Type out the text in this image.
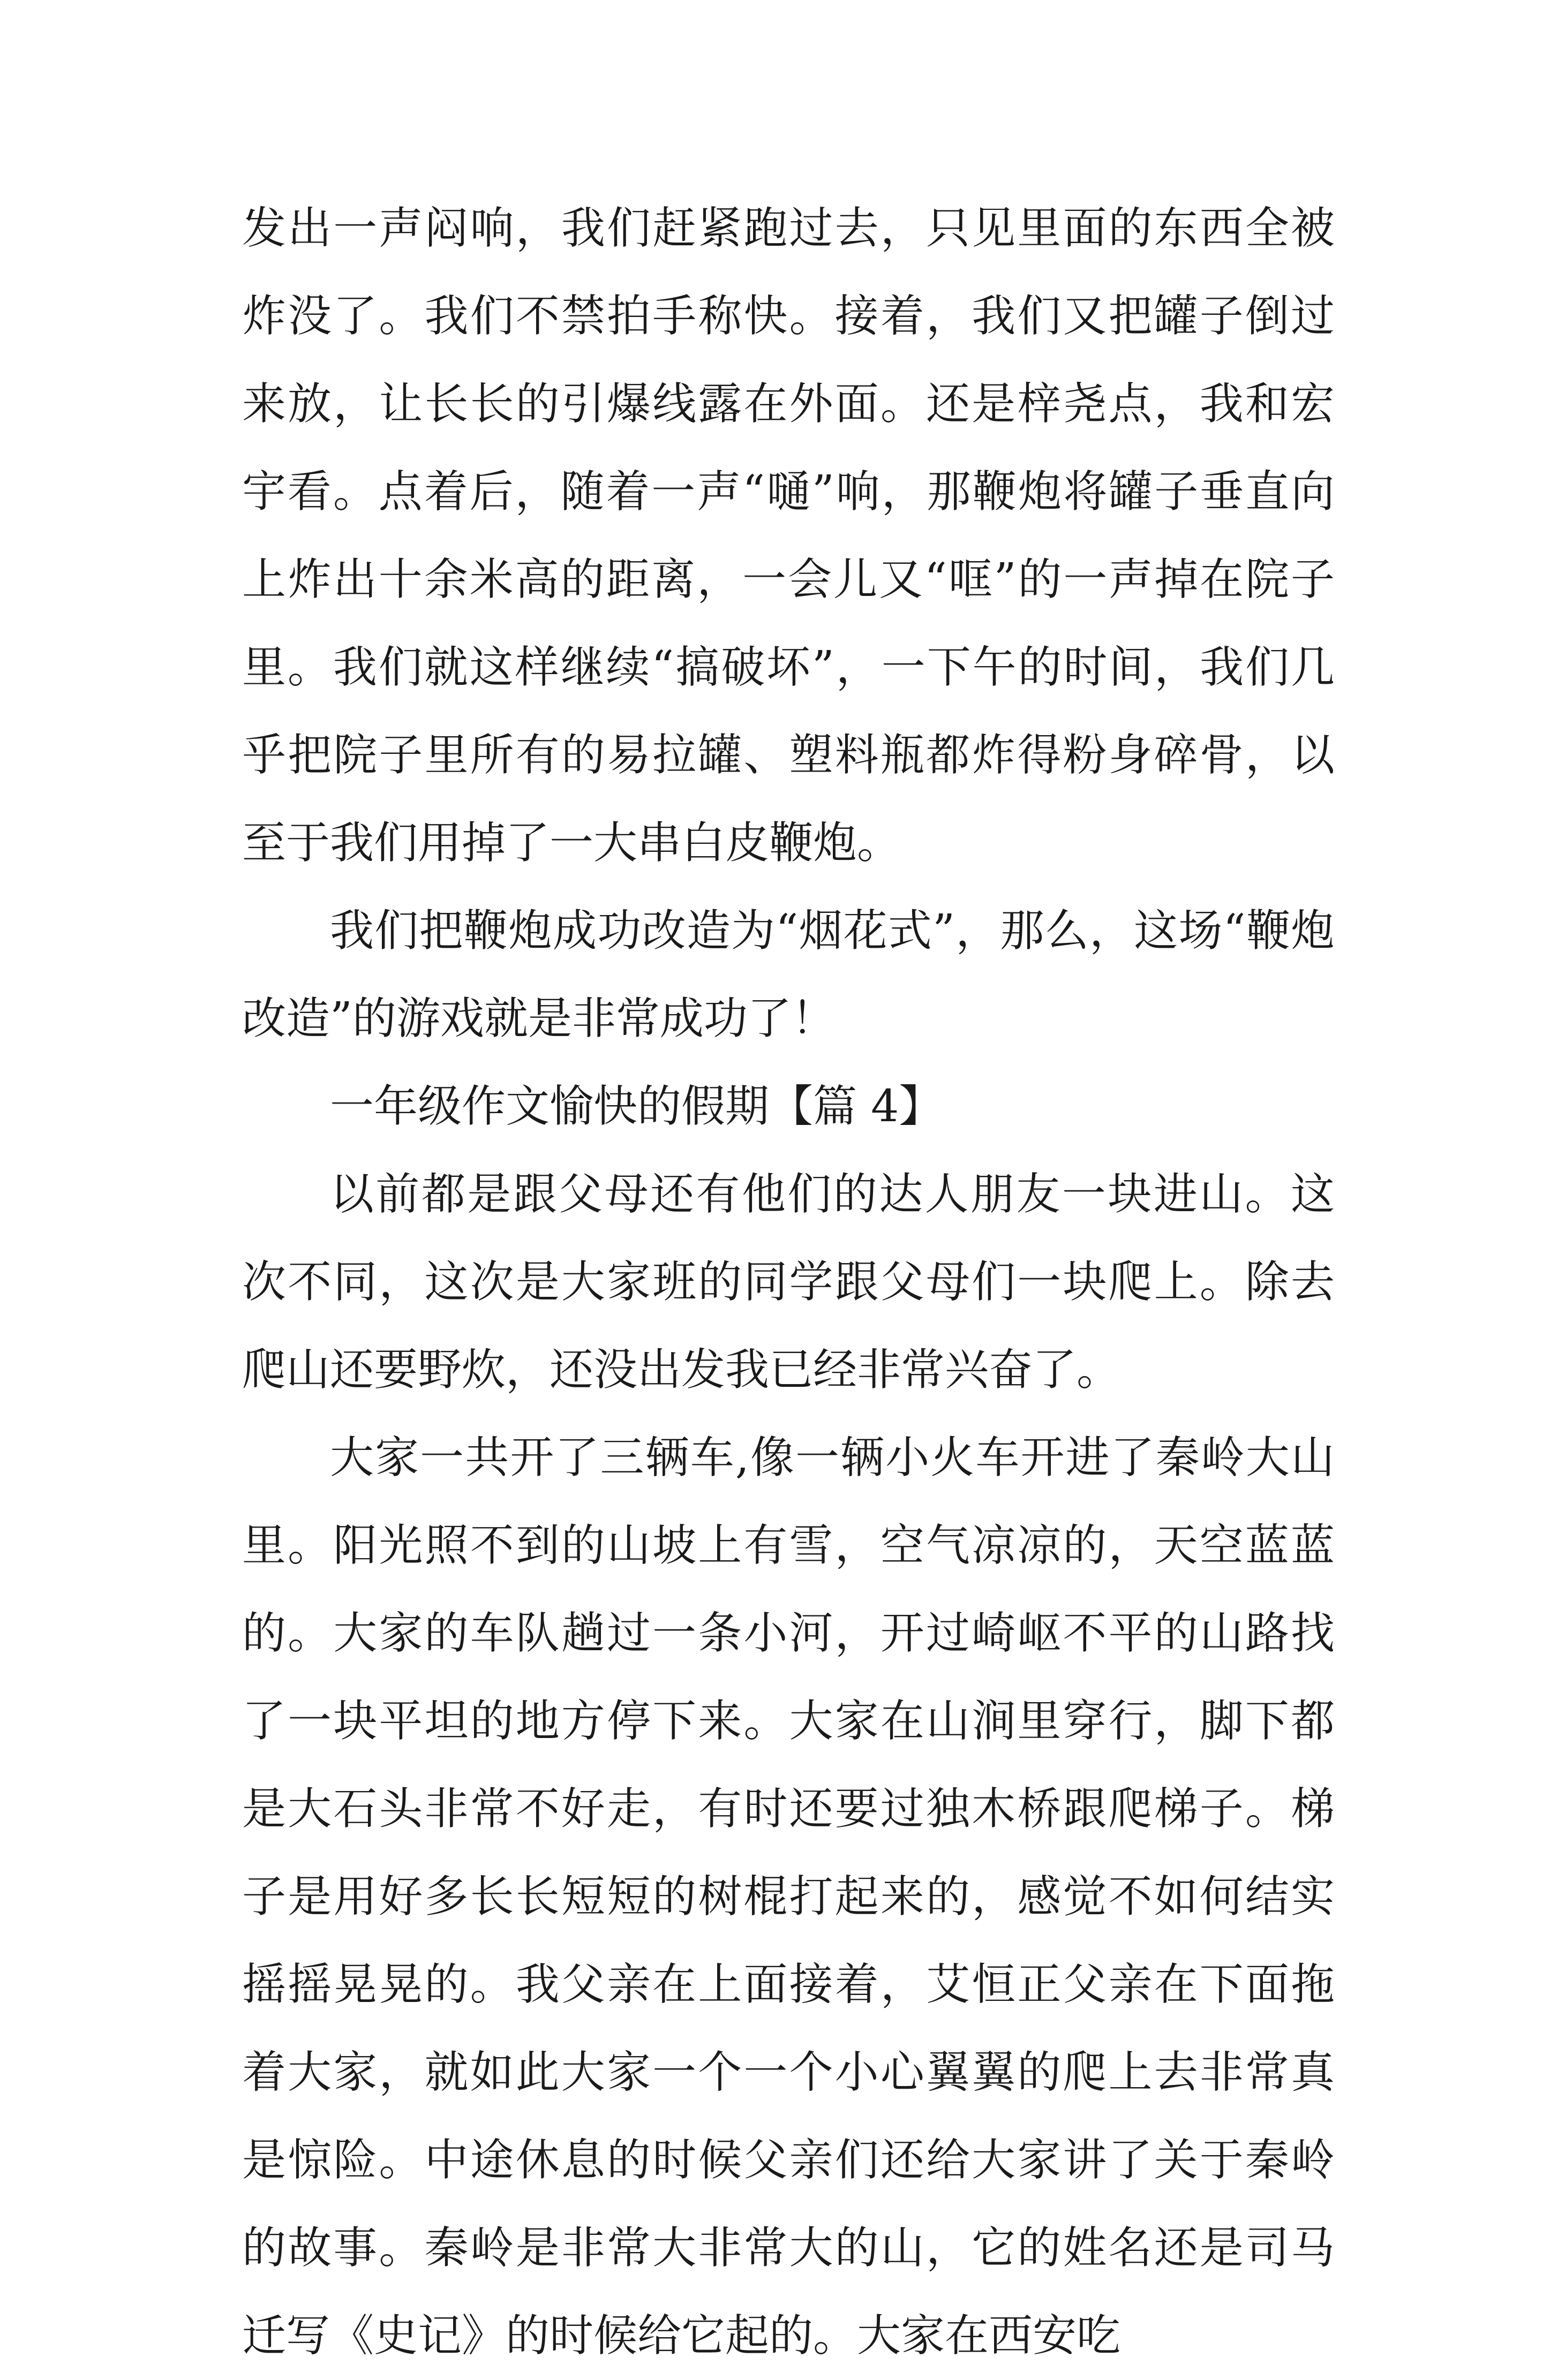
发出一声闷响，我们赶紧跑过去，只见里面的东西全被炸没了。我们不禁拍手称快。接着，我们又把罐子倒过来放，让长长的引爆线露在外面。还是梓尧点，我和宏宇看。点着后，随着一声“嗵”响，那鞭炮将罐子垂直向上炸出十余米高的距离，一会儿又“哐”的一声掉在院子里。我们就这样继续“搞破坏”，一下午的时间，我们几乎把院子里所有的易拉罐、塑料瓶都炸得粉身碎骨，以至于我们用掉了一大串白皮鞭炮。

我们把鞭炮成功改造为“烟花式”，那么，这场“鞭炮改造”的游戏就是非常成功了！

一年级作文愉快的假期【篇 4】

以前都是跟父母还有他们的达人朋友一块进山。这次不同，这次是大家班的同学跟父母们一块爬上。除去爬山还要野炊，还没出发我已经非常兴奋了。

大家一共开了三辆车,像一辆小火车开进了秦岭大山里。阳光照不到的山坡上有雪，空气凉凉的，天空蓝蓝的。大家的车队趟过一条小河，开过崎岖不平的山路找了一块平坦的地方停下来。大家在山涧里穿行，脚下都是大石头非常不好走，有时还要过独木桥跟爬梯子。梯子是用好多长长短短的树棍打起来的，感觉不如何结实摇摇晃晃的。我父亲在上面接着，艾恒正父亲在下面拖着大家，就如此大家一个一个小心翼翼的爬上去非常真是惊险。中途休息的时候父亲们还给大家讲了关于秦岭的故事。秦岭是非常大非常大的山，它的姓名还是司马迁写《史记》的时候给它起的。大家在西安吃
